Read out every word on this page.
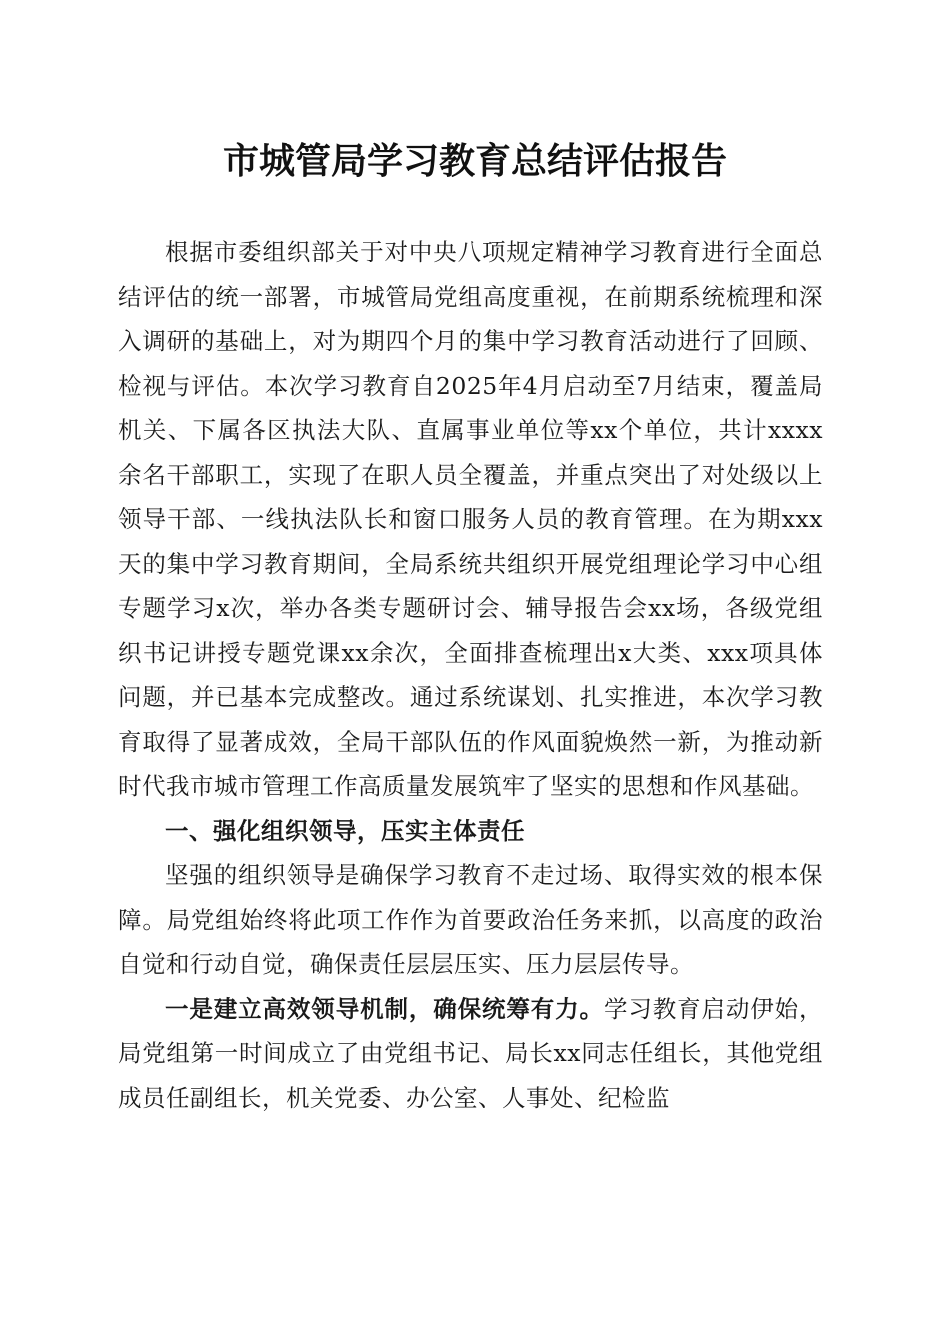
市城管局学习教育总结评估报告

根据市委组织部关于对中央八项规定精神学习教育进行全面总结评估的统一部署，市城管局党组高度重视，在前期系统梳理和深入调研的基础上，对为期四个月的集中学习教育活动进行了回顾、检视与评估。本次学习教育自2025年4月启动至7月结束，覆盖局机关、下属各区执法大队、直属事业单位等xx个单位，共计xxxx余名干部职工，实现了在职人员全覆盖，并重点突出了对处级以上领导干部、一线执法队长和窗口服务人员的教育管理。在为期xxx天的集中学习教育期间，全局系统共组织开展党组理论学习中心组专题学习x次，举办各类专题研讨会、辅导报告会xx场，各级党组织书记讲授专题党课xx余次，全面排查梳理出x大类、xxx项具体问题，并已基本完成整改。通过系统谋划、扎实推进，本次学习教育取得了显著成效，全局干部队伍的作风面貌焕然一新，为推动新时代我市城市管理工作高质量发展筑牢了坚实的思想和作风基础。

一、强化组织领导，压实主体责任

坚强的组织领导是确保学习教育不走过场、取得实效的根本保障。局党组始终将此项工作作为首要政治任务来抓，以高度的政治自觉和行动自觉，确保责任层层压实、压力层层传导。

一是建立高效领导机制，确保统筹有力。学习教育启动伊始，局党组第一时间成立了由党组书记、局长xx同志任组长，其他党组成员任副组长，机关党委、办公室、人事处、纪检监
